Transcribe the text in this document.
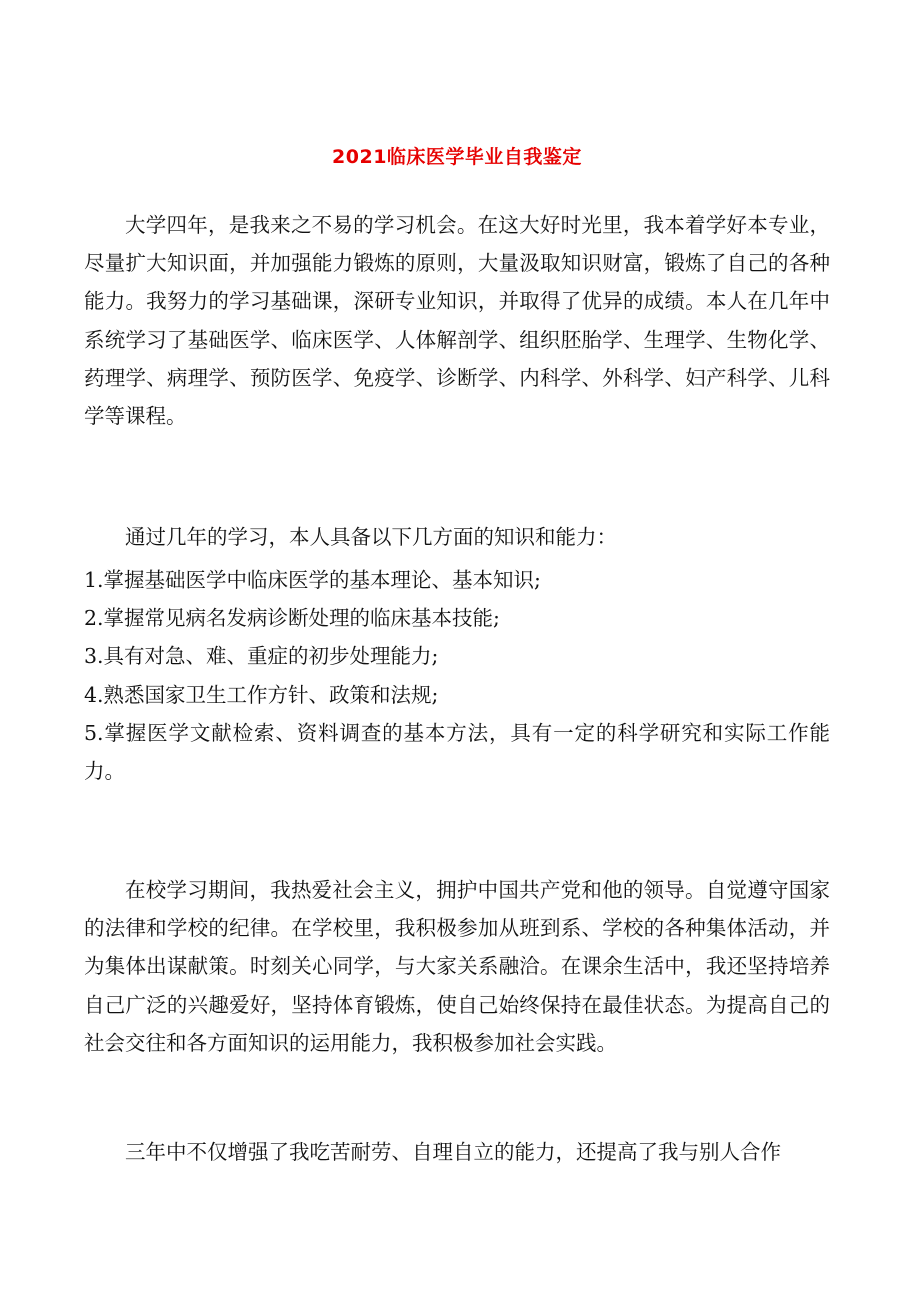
2021临床医学毕业自我鉴定

大学四年，是我来之不易的学习机会。在这大好时光里，我本着学好本专业，尽量扩大知识面，并加强能力锻炼的原则，大量汲取知识财富，锻炼了自己的各种能力。我努力的学习基础课，深研专业知识，并取得了优异的成绩。本人在几年中系统学习了基础医学、临床医学、人体解剖学、组织胚胎学、生理学、生物化学、药理学、病理学、预防医学、免疫学、诊断学、内科学、外科学、妇产科学、儿科学等课程。

通过几年的学习，本人具备以下几方面的知识和能力：

1.掌握基础医学中临床医学的基本理论、基本知识;

2.掌握常见病名发病诊断处理的临床基本技能;

3.具有对急、难、重症的初步处理能力;

4.熟悉国家卫生工作方针、政策和法规;

5.掌握医学文献检索、资料调查的基本方法，具有一定的科学研究和实际工作能力。

在校学习期间，我热爱社会主义，拥护中国共产党和他的领导。自觉遵守国家的法律和学校的纪律。在学校里，我积极参加从班到系、学校的各种集体活动，并为集体出谋献策。时刻关心同学，与大家关系融洽。在课余生活中，我还坚持培养自己广泛的兴趣爱好，坚持体育锻炼，使自己始终保持在最佳状态。为提高自己的社会交往和各方面知识的运用能力，我积极参加社会实践。

三年中不仅增强了我吃苦耐劳、自理自立的能力，还提高了我与别人合作
